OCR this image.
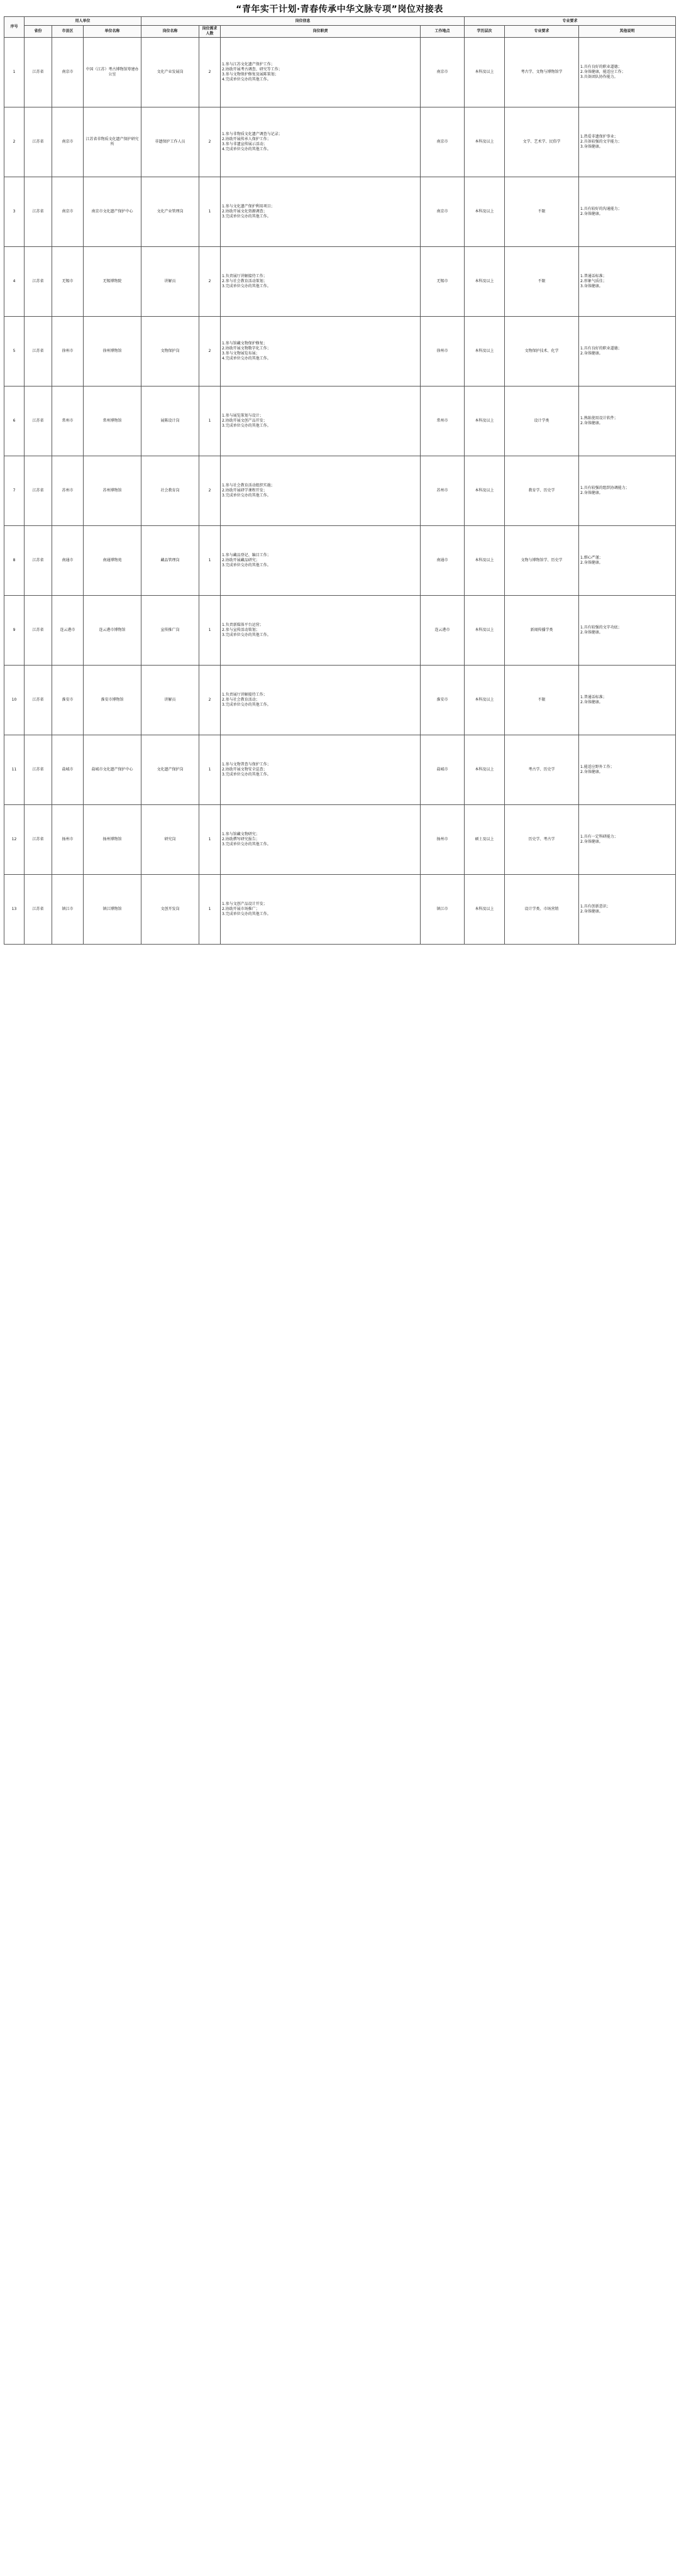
“青年实干计划·青春传承中华文脉专项”岗位对接表
序号	用人单位			岗位信息				专业要求		
	省份	市县区	单位名称	岗位名称	岗位需求人数	岗位职责	工作地点	学历层次	专业要求	其他说明
1	江苏省	南京市	中国（江苏）考古博物馆筹建办公室	文化产业发展岗	2	1.参与江苏文化遗产保护工作；
2.协助开展考古调查、研究等工作；
3.参与文物保护修复及展陈策划；
4.完成单位交办的其他工作。	南京市	本科及以上	考古学、文物与博物馆学	1.具有良好的职业道德；
2.身体健康，能适应工作；
3.具备团队协作能力。
2	江苏省	南京市	江苏省非物质文化遗产保护研究所	非遗保护工作人员	2	1.参与非物质文化遗产调查与记录；
2.协助开展传承人保护工作；
3.参与非遗宣传展示活动；
4.完成单位交办的其他工作。	南京市	本科及以上	文学、艺术学、民俗学	1.热爱非遗保护事业；
2.具备较强的文字能力；
3.身体健康。
3	江苏省	南京市	南京市文化遗产保护中心	文化产业管理岗	1	1.参与文化遗产保护利用项目；
2.协助开展文化资源调查；
3.完成单位交办的其他工作。	南京市	本科及以上	不限	1.具有较好的沟通能力；
2.身体健康。
4	江苏省	无锡市	无锡博物院	讲解员	2	1.负责展厅讲解接待工作；
2.参与社会教育活动策划；
3.完成单位交办的其他工作。	无锡市	本科及以上	不限	1.普通话标准；
2.形象气质佳；
3.身体健康。
5	江苏省	徐州市	徐州博物馆	文物保护岗	2	1.参与馆藏文物保护修复；
2.协助开展文物数字化工作；
3.参与文物展览布展；
4.完成单位交办的其他工作。	徐州市	本科及以上	文物保护技术、化学	1.具有良好的职业道德；
2.身体健康。
6	江苏省	常州市	常州博物馆	展陈设计岗	1	1.参与展览策划与设计；
2.协助开展文创产品开发；
3.完成单位交办的其他工作。	常州市	本科及以上	设计学类	1.熟练使用设计软件；
2.身体健康。
7	江苏省	苏州市	苏州博物馆	社会教育岗	2	1.参与社会教育活动组织实施；
2.协助开展研学课程开发；
3.完成单位交办的其他工作。	苏州市	本科及以上	教育学、历史学	1.具有较强的组织协调能力；
2.身体健康。
8	江苏省	南通市	南通博物苑	藏品管理岗	1	1.参与藏品登记、编目工作；
2.协助开展藏品研究；
3.完成单位交办的其他工作。	南通市	本科及以上	文物与博物馆学、历史学	1.细心严谨；
2.身体健康。
9	江苏省	连云港市	连云港市博物馆	宣传推广岗	1	1.负责新媒体平台运营；
2.参与宣传活动策划；
3.完成单位交办的其他工作。	连云港市	本科及以上	新闻传播学类	1.具有较强的文字功底；
2.身体健康。
10	江苏省	淮安市	淮安市博物馆	讲解员	2	1.负责展厅讲解接待工作；
2.参与社会教育活动；
3.完成单位交办的其他工作。	淮安市	本科及以上	不限	1.普通话标准；
2.身体健康。
11	江苏省	盐城市	盐城市文化遗产保护中心	文化遗产保护岗	1	1.参与文物普查与保护工作；
2.协助开展文物安全巡查；
3.完成单位交办的其他工作。	盐城市	本科及以上	考古学、历史学	1.能适应野外工作；
2.身体健康。
12	江苏省	扬州市	扬州博物馆	研究岗	1	1.参与馆藏文物研究；
2.协助撰写研究报告；
3.完成单位交办的其他工作。	扬州市	硕士及以上	历史学、考古学	1.具有一定科研能力；
2.身体健康。
13	江苏省	镇江市	镇江博物馆	文创开发岗	1	1.参与文创产品设计开发；
2.协助开展市场推广；
3.完成单位交办的其他工作。	镇江市	本科及以上	设计学类、市场营销	1.具有创新意识；
2.身体健康。
